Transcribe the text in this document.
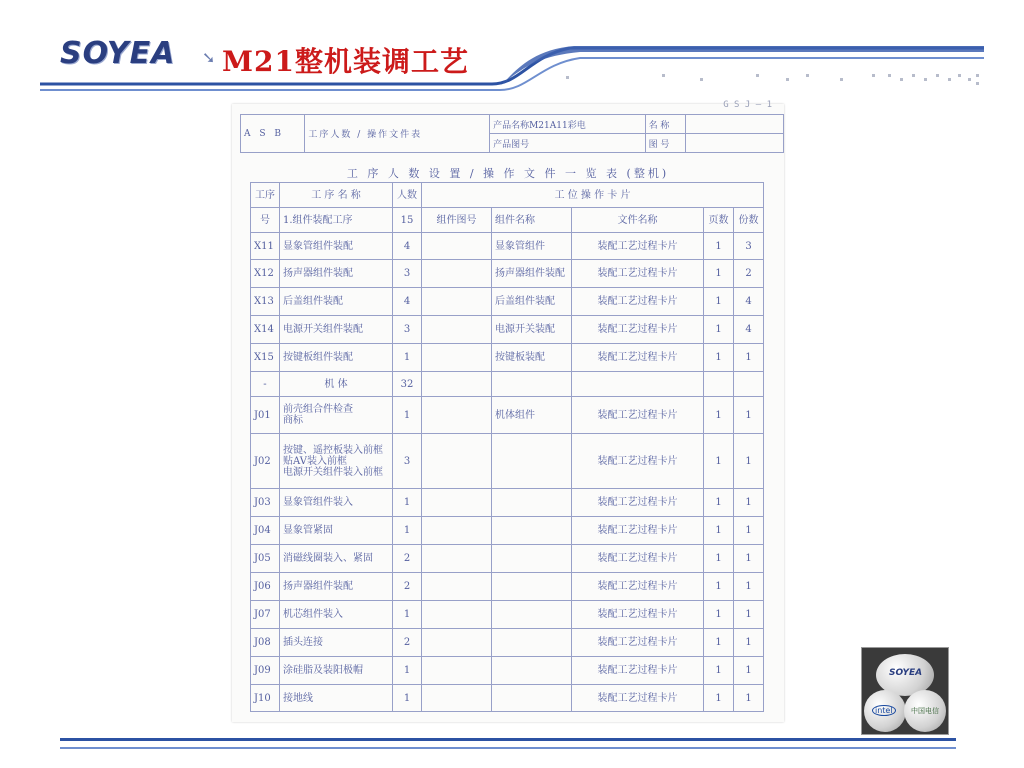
SOYEA ➘ M21整机装调工艺
G S J — 1
A S B	工序人数 / 操作文件表	产品名称M21A11彩电	名 称	
		产品图号	图 号	
工 序 人 数 设 置 / 操 作 文 件 一 览 表 (整机)
工序	工 序 名 称	人数	工 位 操 作 卡 片				
号	1.组件装配工序	15	组件图号	组件名称	文件名称	页数	份数
X11	显象管组件装配	4		显象管组件	装配工艺过程卡片	1	3
X12	扬声器组件装配	3		扬声器组件装配	装配工艺过程卡片	1	2
X13	后盖组件装配	4		后盖组件装配	装配工艺过程卡片	1	4
X14	电源开关组件装配	3		电源开关装配	装配工艺过程卡片	1	4
X15	按键板组件装配	1		按键板装配	装配工艺过程卡片	1	1
-	机 体	32					
J01	前壳组合件检查
商标	1		机体组件	装配工艺过程卡片	1	1
J02	按键、遥控板装入前框
贴AV装入前框
电源开关组件装入前框	3			装配工艺过程卡片	1	1
J03	显象管组件装入	1			装配工艺过程卡片	1	1
J04	显象管紧固	1			装配工艺过程卡片	1	1
J05	消磁线圈装入、紧固	2			装配工艺过程卡片	1	1
J06	扬声器组件装配	2			装配工艺过程卡片	1	1
J07	机芯组件装入	1			装配工艺过程卡片	1	1
J08	插头连接	2			装配工艺过程卡片	1	1
J09	涂硅脂及装阳极帽	1			装配工艺过程卡片	1	1
J10	接地线	1			装配工艺过程卡片	1	1
SOYEA
intel	中国电信
